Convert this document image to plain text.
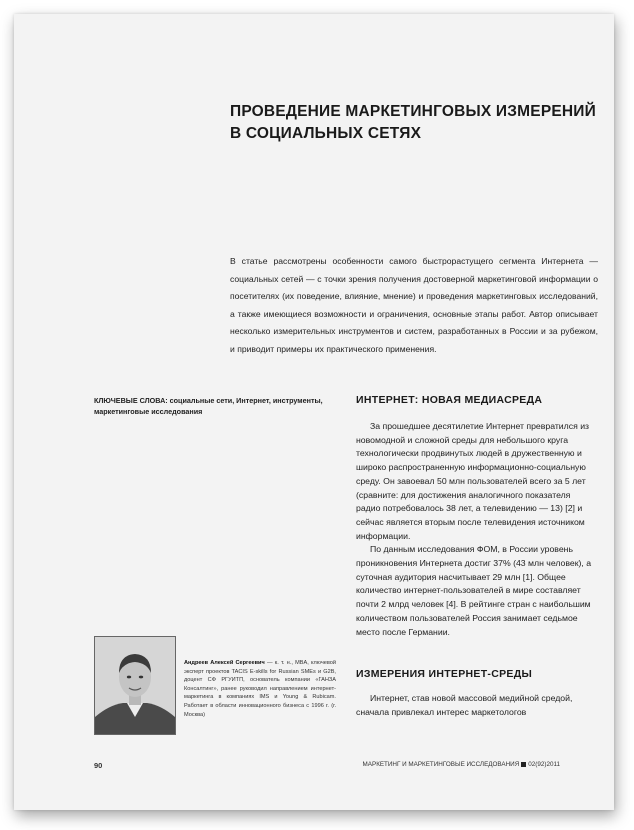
ПРОВЕДЕНИЕ МАРКЕТИНГОВЫХ ИЗМЕРЕНИЙ
В СОЦИАЛЬНЫХ СЕТЯХ
В статье рассмотрены особенности самого быстрорастущего сегмента Интернета — социальных сетей — с точки зрения получения достоверной маркетинговой информации о посетителях (их поведение, влияние, мнение) и проведения маркетинговых исследований, а также имеющиеся возможности и ограничения, основные этапы работ. Автор описывает несколько измерительных инструментов и систем, разработанных в России и за рубежом, и приводит примеры их практического применения.
КЛЮЧЕВЫЕ СЛОВА: социальные сети, Интернет, инструменты, маркетинговые исследования
ИНТЕРНЕТ: НОВАЯ МЕДИАСРЕДА

За прошедшее десятилетие Интернет превратился из новомодной и сложной среды для небольшого круга технологически продвинутых людей в дружественную и широко распространенную информационно-социальную среду. Он завоевал 50 млн пользователей всего за 5 лет (сравните: для достижения аналогичного показателя радио потребовалось 38 лет, а телевидению — 13) [2] и сейчас является вторым после телевидения источником информации.

По данным исследования ФОМ, в России уровень проникновения Интернета достиг 37% (43 млн человек), а суточная аудитория насчитывает 29 млн [1]. Общее количество интернет-пользователей в мире составляет почти 2 млрд человек [4]. В рейтинге стран с наибольшим количеством пользователей Россия занимает седьмое место после Германии.

ИЗМЕРЕНИЯ ИНТЕРНЕТ-СРЕДЫ

Интернет, став новой массовой медийной средой, сначала привлекал интерес маркетологов

Андреев Алексей Сергеевич — к. т. н., MBA, ключевой эксперт проектов TACIS E-skills for Russian SMEs и G2B, доцент СФ РГУИТП, основатель компании «ГАНЗА Консалтинг», ранее руководил направлением интернет-маркетинга в компаниях IMS и Young & Rubicam. Работает в области инновационного бизнеса с 1996 г. (г. Москва)
90	МАРКЕТИНГ И МАРКЕТИНГОВЫЕ ИССЛЕДОВАНИЯ 02(92)2011
